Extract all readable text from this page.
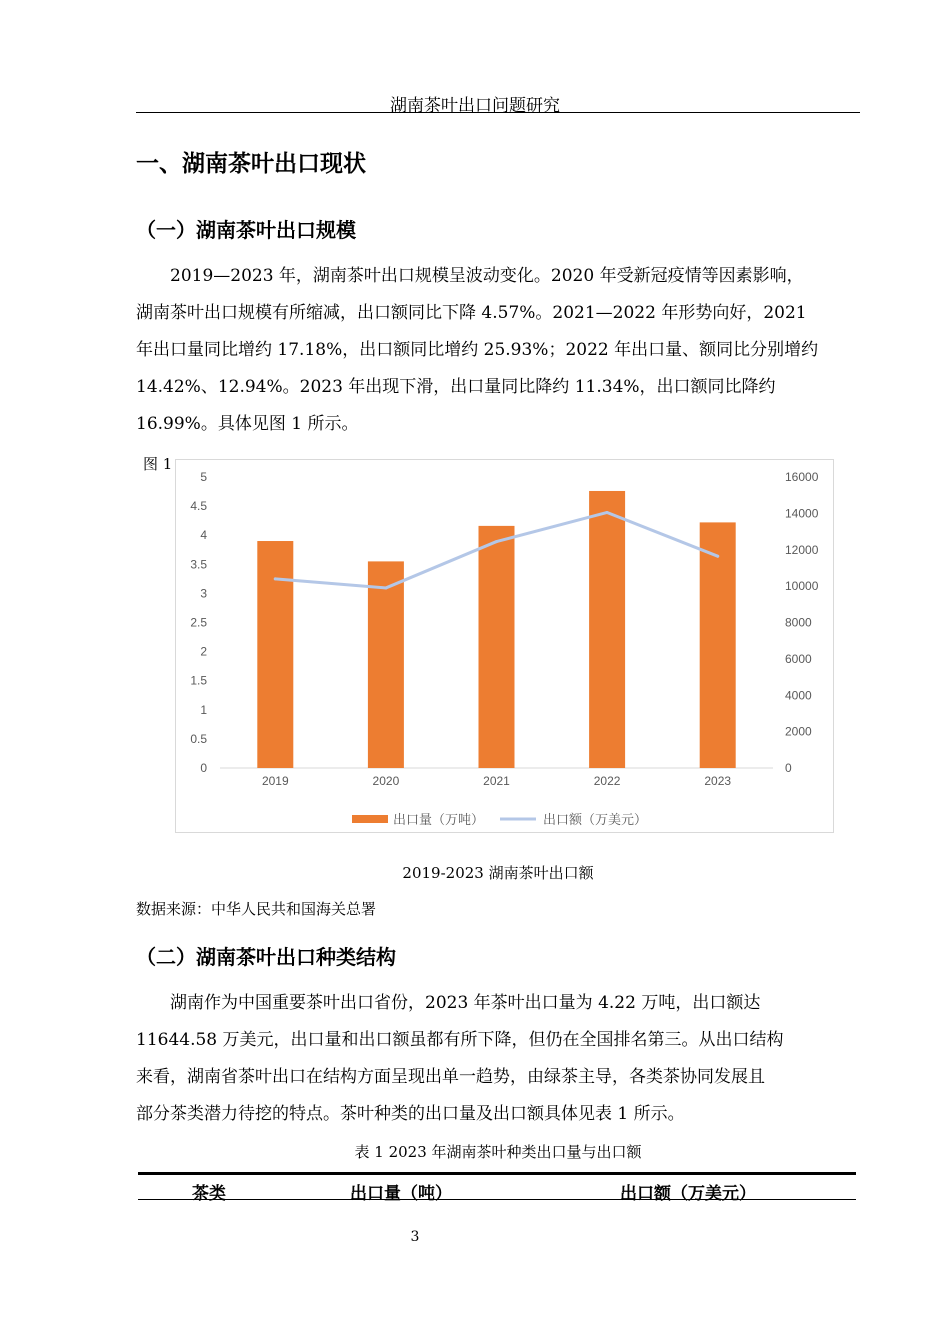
湖南茶叶出口问题研究
一、湖南茶叶出口现状
（一）湖南茶叶出口规模
2019—2023 年，湖南茶叶出口规模呈波动变化。2020 年受新冠疫情等因素影响，
湖南茶叶出口规模有所缩减，出口额同比下降 4.57%。2021—2022 年形势向好，2021
年出口量同比增约 17.18%，出口额同比增约 25.93%；2022 年出口量、额同比分别增约
14.42%、12.94%。2023 年出现下滑，出口量同比降约 11.34%，出口额同比降约
16.99%。具体见图 1 所示。
图 1
0
0.5
1
1.5
2
2.5
3
3.5
4
4.5
5
0
2000
4000
6000
8000
10000
12000
14000
16000
2019	2020	2021	2022	2023
出口量（万吨）	出口额（万美元）
2019-2023 湖南茶叶出口额
数据来源：中华人民共和国海关总署
（二）湖南茶叶出口种类结构
湖南作为中国重要茶叶出口省份，2023 年茶叶出口量为 4.22 万吨，出口额达
11644.58 万美元，出口量和出口额虽都有所下降，但仍在全国排名第三。从出口结构
来看，湖南省茶叶出口在结构方面呈现出单一趋势，由绿茶主导，各类茶协同发展且
部分茶类潜力待挖的特点。茶叶种类的出口量及出口额具体见表 1 所示。
表 1 2023 年湖南茶叶种类出口量与出口额
茶类	出口量（吨）	出口额（万美元）
3
